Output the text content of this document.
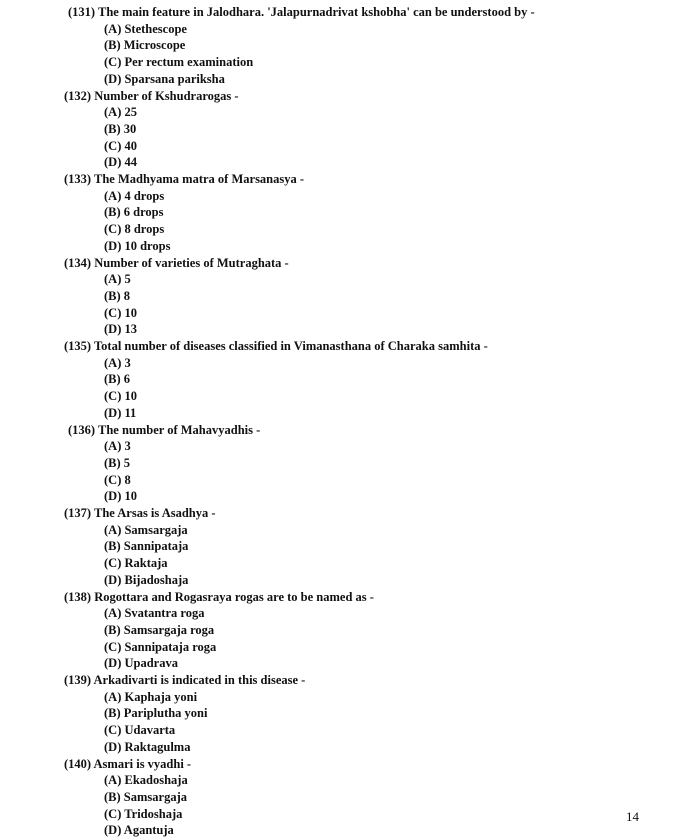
(131) The main feature in Jalodhara. 'Jalapurnadrivat kshobha' can be understood by -
(A) Stethescope
(B) Microscope
(C) Per rectum examination
(D) Sparsana pariksha
(132) Number of Kshudrarogas -
(A) 25
(B) 30
(C) 40
(D) 44
(133) The Madhyama matra of Marsanasya -
(A) 4 drops
(B) 6 drops
(C) 8 drops
(D) 10 drops
(134) Number of varieties of Mutraghata -
(A) 5
(B) 8
(C) 10
(D) 13
(135) Total number of diseases classified in Vimanasthana of Charaka samhita -
(A) 3
(B) 6
(C) 10
(D) 11
(136) The number of Mahavyadhis -
(A) 3
(B) 5
(C) 8
(D) 10
(137) The Arsas is Asadhya -
(A) Samsargaja
(B) Sannipataja
(C) Raktaja
(D) Bijadoshaja
(138) Rogottara and Rogasraya rogas are to be named as -
(A) Svatantra roga
(B) Samsargaja roga
(C) Sannipataja roga
(D) Upadrava
(139) Arkadivarti is indicated in this disease -
(A) Kaphaja yoni
(B) Pariplutha yoni
(C) Udavarta
(D) Raktagulma
(140) Asmari is vyadhi -
(A) Ekadoshaja
(B) Samsargaja
(C) Tridoshaja
(D) Agantuja
14
